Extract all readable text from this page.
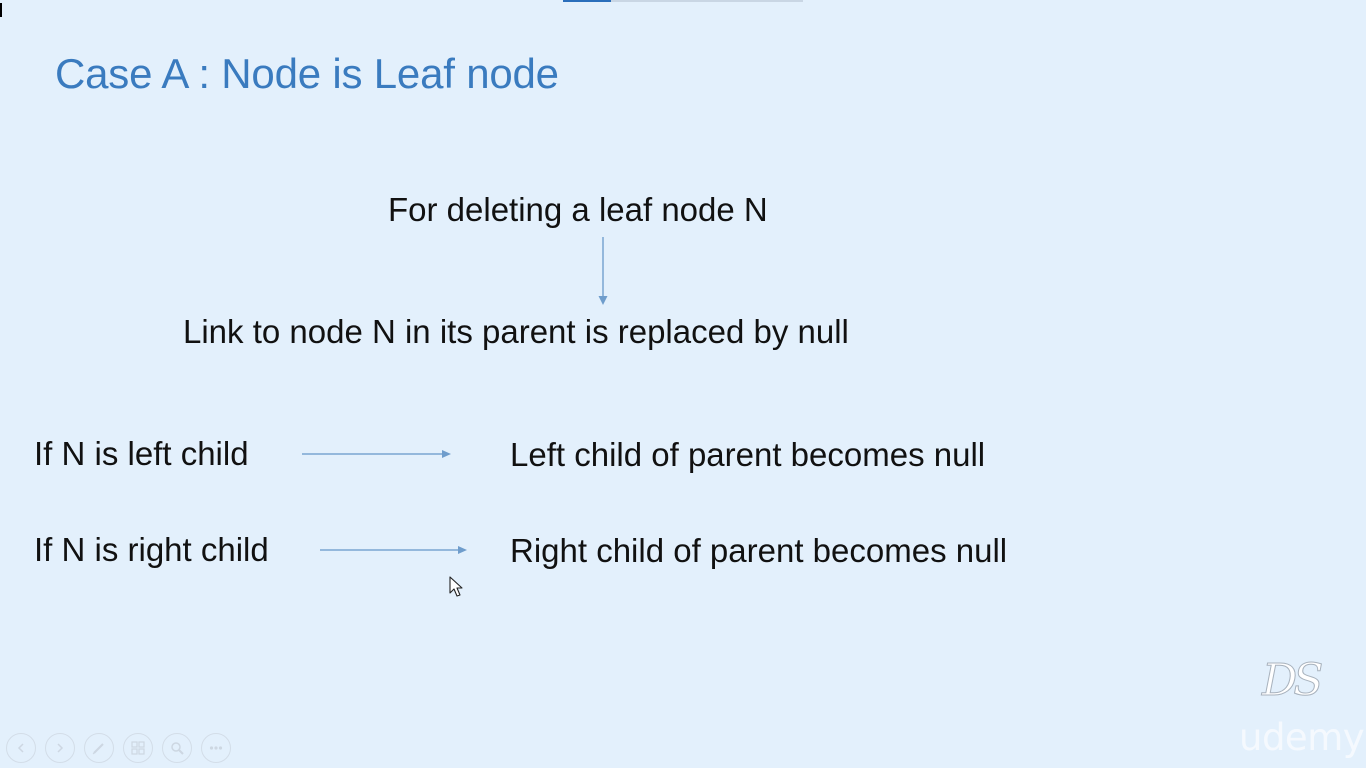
Case A : Node is Leaf node
For deleting a leaf node N
Link to node N in its parent is replaced by null
If N is left child	Left child of parent becomes null
If N is right child	Right child of parent becomes null
DS
udemy
